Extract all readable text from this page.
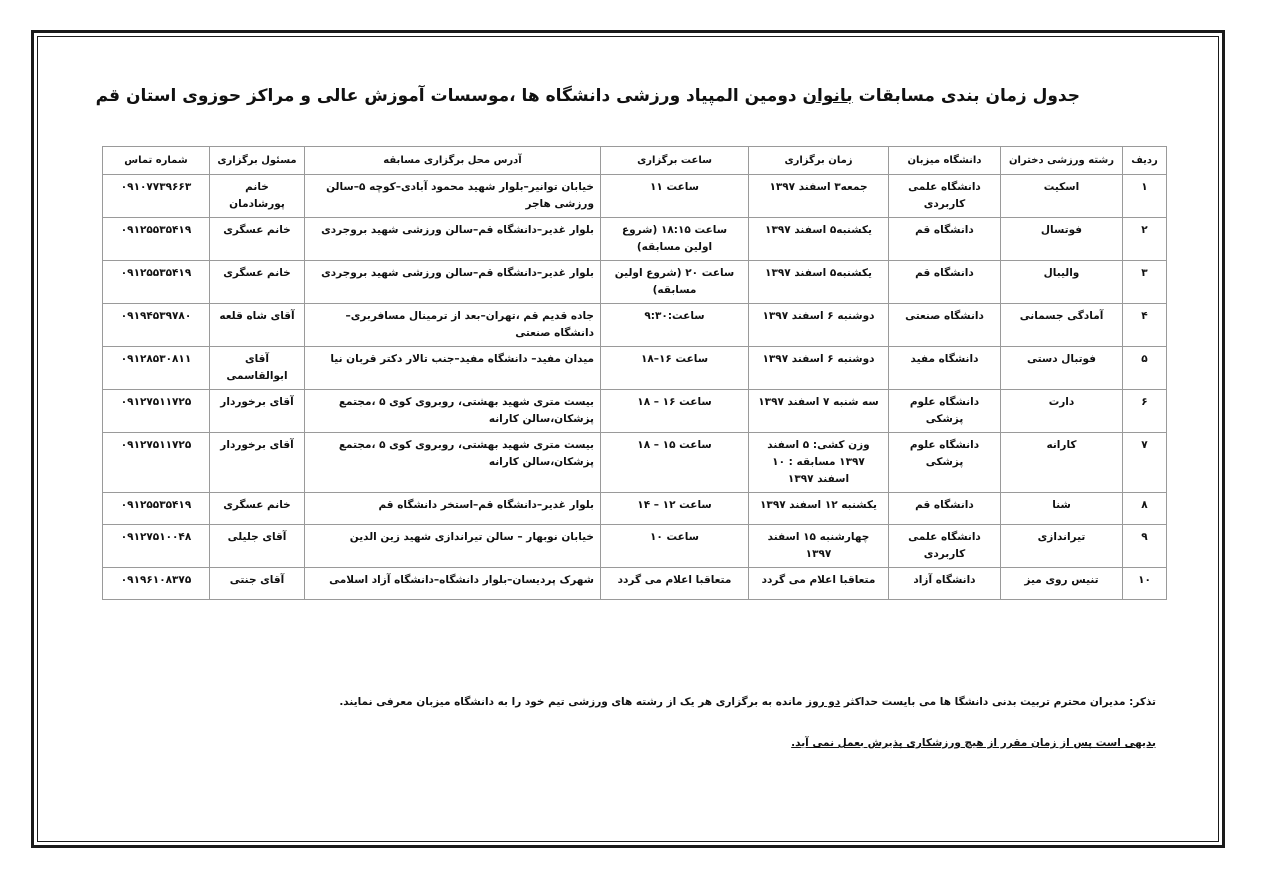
جدول زمان بندی مسابقات بانوان دومین المپیاد ورزشی دانشگاه ها ،موسسات آموزش عالی و مراکز حوزوی استان قم
ردیف	رشته ورزشی دختران	دانشگاه میزبان	زمان برگزاری	ساعت برگزاری	آدرس محل برگزاری مسابقه	مسئول برگزاری	شماره تماس
۱	اسکیت	دانشگاه علمی کاربردی	جمعه۳ اسفند ۱۳۹۷	ساعت ۱۱	خیابان توانیر–بلوار شهید محمود آبادی–کوچه ۵–سالن ورزشی هاجر	خانم پورشادمان	۰۹۱۰۷۷۳۹۶۶۳
۲	فوتسال	دانشگاه قم	یکشنبه۵ اسفند ۱۳۹۷	ساعت ۱۸:۱۵ (شروع اولین مسابقه)	بلوار غدیر–دانشگاه قم–سالن ورزشی شهید بروجردی	خانم عسگری	۰۹۱۲۵۵۳۵۴۱۹
۳	والیبال	دانشگاه قم	یکشنبه۵ اسفند ۱۳۹۷	ساعت ۲۰ (شروع اولین مسابقه)	بلوار غدیر–دانشگاه قم–سالن ورزشی شهید بروجردی	خانم عسگری	۰۹۱۲۵۵۳۵۴۱۹
۴	آمادگی جسمانی	دانشگاه صنعتی	دوشنبه ۶ اسفند ۱۳۹۷	ساعت:۹:۳۰	جاده قدیم قم ،تهران–بعد از ترمینال مسافربری–دانشگاه صنعتی	آقای شاه قلعه	۰۹۱۹۴۵۳۹۷۸۰
۵	فوتبال دستی	دانشگاه مفید	دوشنبه ۶ اسفند ۱۳۹۷	ساعت ۱۶–۱۸	میدان مفید– دانشگاه مفید–جنب تالار دکتر قربان نیا	آقای ابوالقاسمی	۰۹۱۲۸۵۳۰۸۱۱
۶	دارت	دانشگاه علوم پزشکی	سه شنبه ۷ اسفند ۱۳۹۷	ساعت ۱۶ – ۱۸	بیست متری شهید بهشتی، روبروی کوی ۵ ،مجتمع پزشکان،سالن کارانه	آقای برخوردار	۰۹۱۲۷۵۱۱۷۲۵
۷	کارانه	دانشگاه علوم پزشکی	وزن کشی: ۵ اسفند ۱۳۹۷ مسابقه : ۱۰ اسفند ۱۳۹۷	ساعت ۱۵ – ۱۸	بیست متری شهید بهشتی، روبروی کوی ۵ ،مجتمع پزشکان،سالن کارانه	آقای برخوردار	۰۹۱۲۷۵۱۱۷۲۵
۸	شنا	دانشگاه قم	یکشنبه ۱۲ اسفند ۱۳۹۷	ساعت ۱۲ – ۱۴	بلوار غدیر–دانشگاه قم–استخر دانشگاه قم	خانم عسگری	۰۹۱۲۵۵۳۵۴۱۹
۹	تیراندازی	دانشگاه علمی کاربردی	چهارشنبه ۱۵ اسفند ۱۳۹۷	ساعت ۱۰	خیابان نوبهار – سالن تیراندازی شهید زین الدین	آقای جلیلی	۰۹۱۲۷۵۱۰۰۴۸
۱۰	تنیس روی میز	دانشگاه آزاد	متعاقبا اعلام می گردد	متعاقبا اعلام می گردد	شهرک پردیسان–بلوار دانشگاه–دانشگاه آزاد اسلامی	آقای جنتی	۰۹۱۹۶۱۰۸۳۷۵
تذکر: مدیران محترم تربیت بدنی دانشگا ها می بایست حداکثر دو روز مانده به برگزاری هر یک از رشته های ورزشی تیم خود را به دانشگاه میزبان معرفی نمایند.
بدیهی است پس از زمان مقرر از هیچ ورزشکاری پذیرش بعمل نمی آید.
